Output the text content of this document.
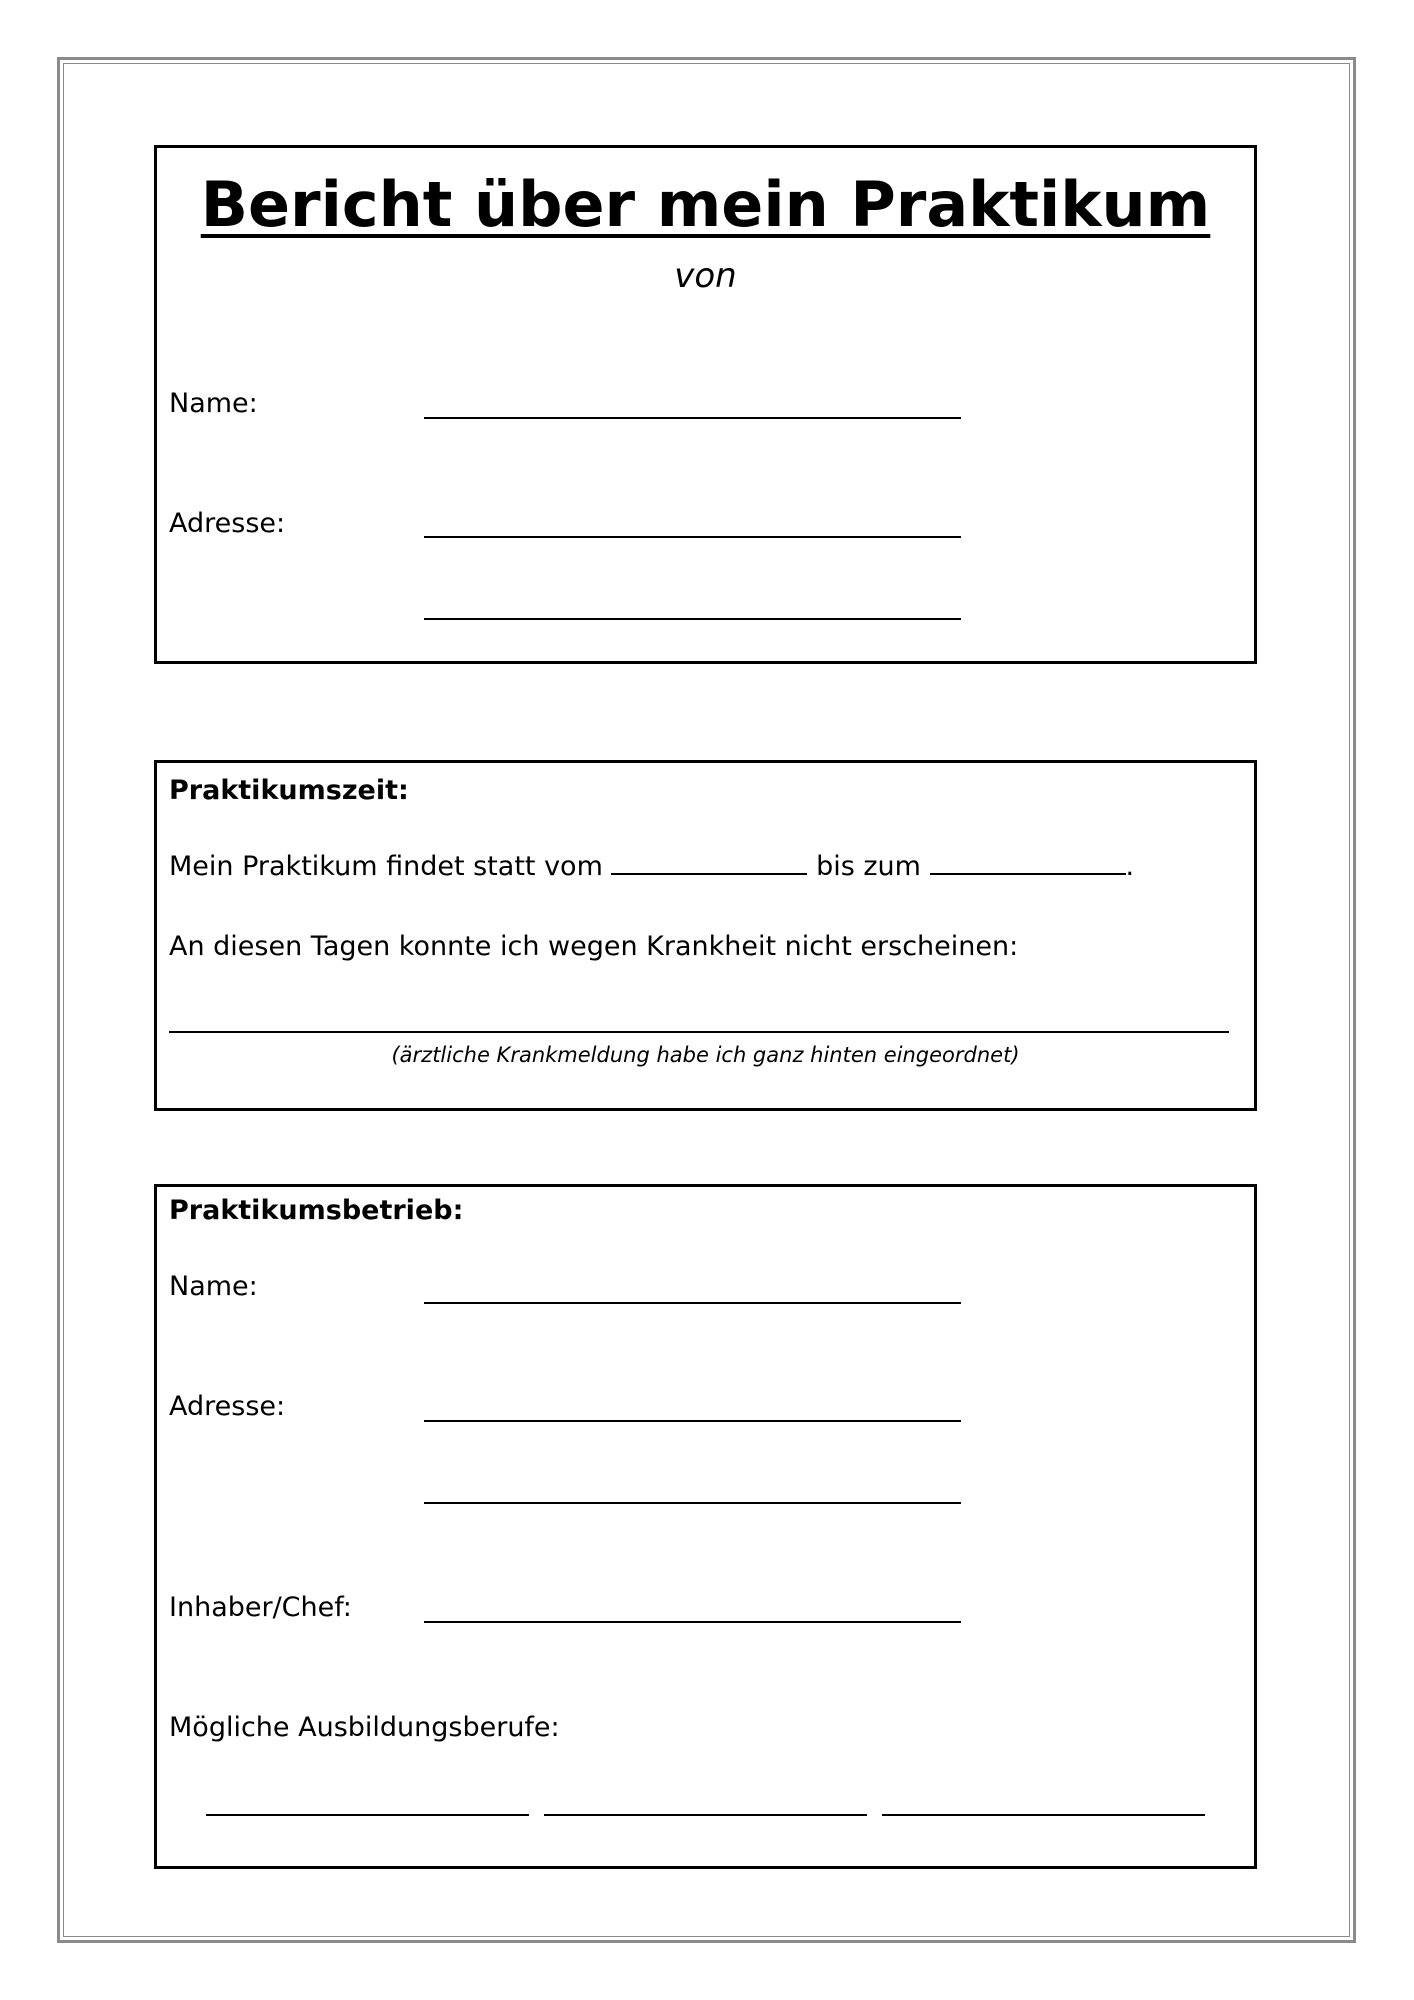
Bericht über mein Praktikum
von
Name:
Adresse:
Praktikumszeit:
Mein Praktikum findet statt vom	bis zum	.
An diesen Tagen konnte ich wegen Krankheit nicht erscheinen:
(ärztliche Krankmeldung habe ich ganz hinten eingeordnet)
Praktikumsbetrieb:
Name:
Adresse:
Inhaber/Chef:
Mögliche Ausbildungsberufe:
